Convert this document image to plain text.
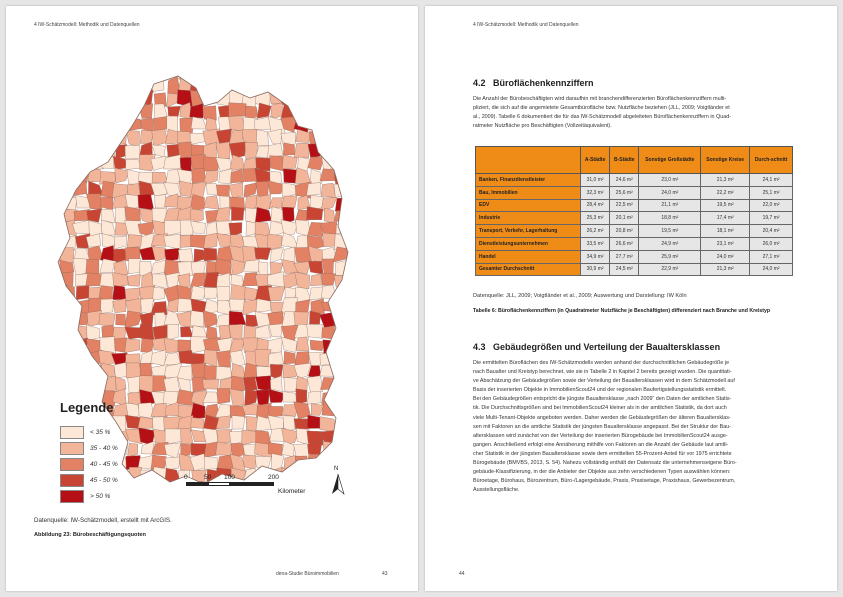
4 IW-Schätzmodell: Methodik und Datenquellen
Legende
< 35 %
35 - 40 %
40 - 45 %
45 - 50 %
> 50 %
0	50 100	200
Kilometer
N
Datenquelle: IW-Schätzmodell, erstellt mit ArcGIS.
Abbildung 23: Bürobeschäftigungsquoten
dena-Studie Büroimmobilien	43
4 IW-Schätzmodell: Methodik und Datenquellen
4.2 Büroflächenkennziffern
Die Anzahl der Bürobeschäftigten wird daraufhin mit branchendifferenzierten Büroflächenkennziffern multi-
pliziert, die sich auf die angemietete Gesamtbürofläche bzw. Nutzfläche beziehen (JLL, 2009; Voigtländer et
al., 2009). Tabelle 6 dokumentiert die für das IW-Schätzmodell abgeleiteten Büroflächenkennziffern in Quad-
ratmeter Nutzfläche pro Beschäftigten (Vollzeitäquivalent).
	A-Städte	B-Städte	Sonstige Großstädte	Sonstige Kreise	Durch-schnitt
Banken, Finanzdienstleister	31,0 m²	24,6 m²	23,0 m²	21,3 m²	24,1 m²
Bau, Immobilien	32,3 m²	25,6 m²	24,0 m²	22,2 m²	25,1 m²
EDV	28,4 m²	22,5 m²	21,1 m²	19,5 m²	22,0 m²
Industrie	25,3 m²	20,1 m²	18,8 m²	17,4 m²	19,7 m²
Transport, Verkehr, Lagerhaltung	26,2 m²	20,8 m²	19,5 m²	18,1 m²	20,4 m²
Dienstleistungsunternehmen	33,5 m²	26,6 m²	24,9 m²	23,1 m²	26,0 m²
Handel	34,9 m²	27,7 m²	25,9 m²	24,0 m²	27,1 m²
Gesamter Durchschnitt	30,9 m²	24,5 m²	22,9 m²	21,3 m²	24,0 m²
Datenquelle: JLL, 2009; Voigtländer et al., 2009; Auswertung und Darstellung: IW Köln
Tabelle 6: Büroflächenkennziffern (in Quadratmeter Nutzfläche je Beschäftigten) differenziert nach Branche und Kreistyp
4.3 Gebäudegrößen und Verteilung der Baualtersklassen
Die ermittelten Büroflächen des IW-Schätzmodells werden anhand der durchschnittlichen Gebäudegröße je
nach Baualter und Kreistyp berechnet, wie sie in Tabelle 2 in Kapitel 2 bereits gezeigt wurden. Die quantitati-
ve Abschätzung der Gebäudegrößen sowie der Verteilung der Baualtersklassen wird in dem Schätzmodell auf
Basis der inserierten Objekte in ImmobilienScout24 und der regionalen Baufertigstellungsstatistik ermittelt.
Bei den Gebäudegrößen entspricht die jüngste Baualtersklasse „nach 2009“ den Daten der amtlichen Statis-
tik. Die Durchschnittsgrößen sind bei ImmobilienScout24 kleiner als in der amtlichen Statistik, da dort auch
viele Multi-Tenant-Objekte angeboten werden. Daher werden die Gebäudegrößen der älteren Baualtersklas-
sen mit Faktoren an die amtliche Statistik der jüngsten Baualtersklasse angepasst. Bei der Struktur der Bau-
altersklassen wird zunächst von der Verteilung der inserierten Bürogebäude bei ImmobilienScout24 ausge-
gangen. Anschließend erfolgt eine Annäherung mithilfe von Faktoren an die Anzahl der Gebäude laut amtli-
cher Statistik in der jüngsten Baualtersklasse sowie dem ermittelten 55-Prozent-Anteil für vor 1975 errichtete
Bürogebäude (BMVBS, 2013, S. 54). Nahezu vollständig enthält der Datensatz die unternehmenseigene Büro-
gebäude-Klassifizierung, in der die Anbieter der Objekte aus zehn verschiedenen Typen auswählen können:
Bürоetage, Bürohaus, Bürozentrum, Büro-/Lagergebäude, Praxis, Praxisetage, Praxishaus, Gewerbezentrum,
Ausstellungsfläche.
44
